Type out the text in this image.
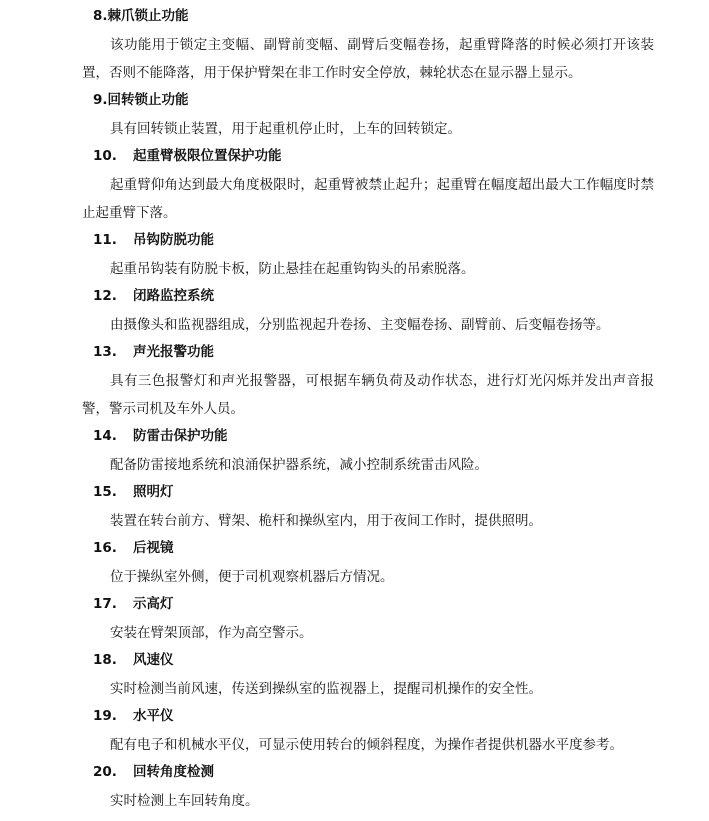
8.棘爪锁止功能

该功能用于锁定主变幅、副臂前变幅、副臂后变幅卷扬，起重臂降落的时候必须打开该装置，否则不能降落，用于保护臂架在非工作时安全停放，棘轮状态在显示器上显示。

9.回转锁止功能

具有回转锁止装置，用于起重机停止时，上车的回转锁定。

10. 起重臂极限位置保护功能

起重臂仰角达到最大角度极限时，起重臂被禁止起升；起重臂在幅度超出最大工作幅度时禁止起重臂下落。

11. 吊钩防脱功能

起重吊钩装有防脱卡板，防止悬挂在起重钩钩头的吊索脱落。

12. 闭路监控系统

由摄像头和监视器组成，分别监视起升卷扬、主变幅卷扬、副臂前、后变幅卷扬等。

13. 声光报警功能

具有三色报警灯和声光报警器，可根据车辆负荷及动作状态，进行灯光闪烁并发出声音报警，警示司机及车外人员。

14. 防雷击保护功能

配备防雷接地系统和浪涌保护器系统，减小控制系统雷击风险。

15. 照明灯

装置在转台前方、臂架、桅杆和操纵室内，用于夜间工作时，提供照明。

16. 后视镜

位于操纵室外侧，便于司机观察机器后方情况。

17. 示高灯

安装在臂架顶部，作为高空警示。

18. 风速仪

实时检测当前风速，传送到操纵室的监视器上，提醒司机操作的安全性。

19. 水平仪

配有电子和机械水平仪，可显示使用转台的倾斜程度，为操作者提供机器水平度参考。

20. 回转角度检测

实时检测上车回转角度。
